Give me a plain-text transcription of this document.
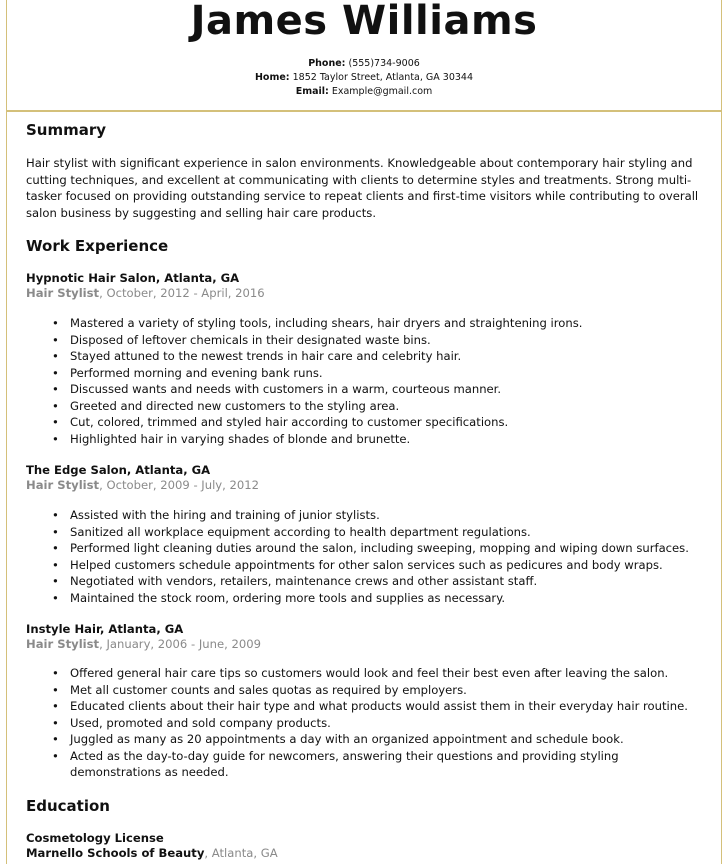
James Williams
Phone: (555)734-9006
Home: 1852 Taylor Street, Atlanta, GA 30344
Email: Example@gmail.com
Summary
Hair stylist with significant experience in salon environments. Knowledgeable about contemporary hair styling and cutting techniques, and excellent at communicating with clients to determine styles and treatments. Strong multi-tasker focused on providing outstanding service to repeat clients and first-time visitors while contributing to overall salon business by suggesting and selling hair care products.
Work Experience
Hypnotic Hair Salon, Atlanta, GA
Hair Stylist, October, 2012 - April, 2016
• Mastered a variety of styling tools, including shears, hair dryers and straightening irons.
• Disposed of leftover chemicals in their designated waste bins.
• Stayed attuned to the newest trends in hair care and celebrity hair.
• Performed morning and evening bank runs.
• Discussed wants and needs with customers in a warm, courteous manner.
• Greeted and directed new customers to the styling area.
• Cut, colored, trimmed and styled hair according to customer specifications.
• Highlighted hair in varying shades of blonde and brunette.
The Edge Salon, Atlanta, GA
Hair Stylist, October, 2009 - July, 2012
• Assisted with the hiring and training of junior stylists.
• Sanitized all workplace equipment according to health department regulations.
• Performed light cleaning duties around the salon, including sweeping, mopping and wiping down surfaces.
• Helped customers schedule appointments for other salon services such as pedicures and body wraps.
• Negotiated with vendors, retailers, maintenance crews and other assistant staff.
• Maintained the stock room, ordering more tools and supplies as necessary.
Instyle Hair, Atlanta, GA
Hair Stylist, January, 2006 - June, 2009
• Offered general hair care tips so customers would look and feel their best even after leaving the salon.
• Met all customer counts and sales quotas as required by employers.
• Educated clients about their hair type and what products would assist them in their everyday hair routine.
• Used, promoted and sold company products.
• Juggled as many as 20 appointments a day with an organized appointment and schedule book.
• Acted as the day-to-day guide for newcomers, answering their questions and providing styling demonstrations as needed.
Education
Cosmetology License
Marnello Schools of Beauty, Atlanta, GA
